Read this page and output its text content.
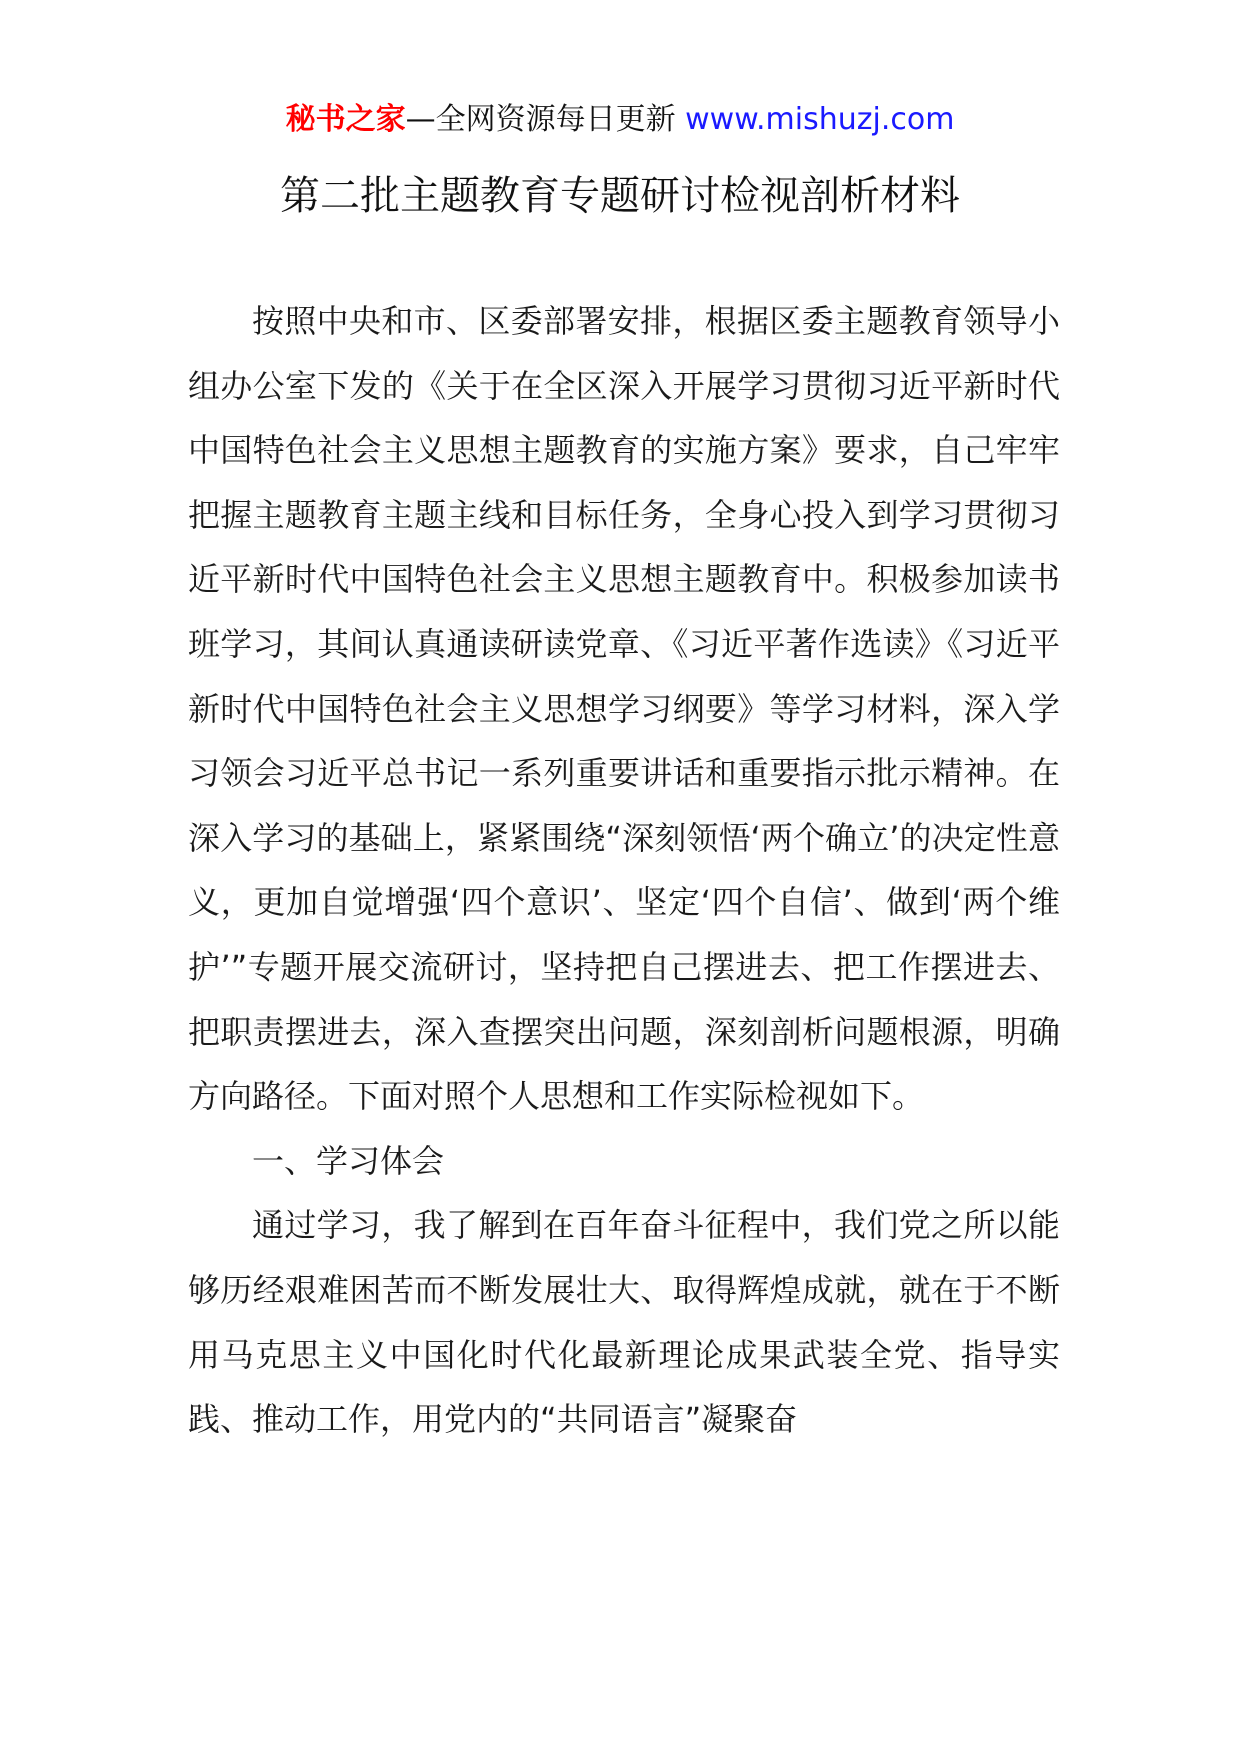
秘书之家—全网资源每日更新 www.mishuzj.com
第二批主题教育专题研讨检视剖析材料

按照中央和市、区委部署安排，根据区委主题教育领导小组办公室下发的《关于在全区深入开展学习贯彻习近平新时代中国特色社会主义思想主题教育的实施方案》要求，自己牢牢把握主题教育主题主线和目标任务，全身心投入到学习贯彻习近平新时代中国特色社会主义思想主题教育中。积极参加读书班学习，其间认真通读研读党章、《习近平著作选读》《习近平新时代中国特色社会主义思想学习纲要》等学习材料，深入学习领会习近平总书记一系列重要讲话和重要指示批示精神。在深入学习的基础上，紧紧围绕“深刻领悟‘两个确立’的决定性意义，更加自觉增强‘四个意识’、坚定‘四个自信’、做到‘两个维护’”专题开展交流研讨，坚持把自己摆进去、把工作摆进去、把职责摆进去，深入查摆突出问题，深刻剖析问题根源，明确方向路径。下面对照个人思想和工作实际检视如下。

一、学习体会

通过学习，我了解到在百年奋斗征程中，我们党之所以能够历经艰难困苦而不断发展壮大、取得辉煌成就，就在于不断用马克思主义中国化时代化最新理论成果武装全党、指导实践、推动工作，用党内的“共同语言”凝聚奋
